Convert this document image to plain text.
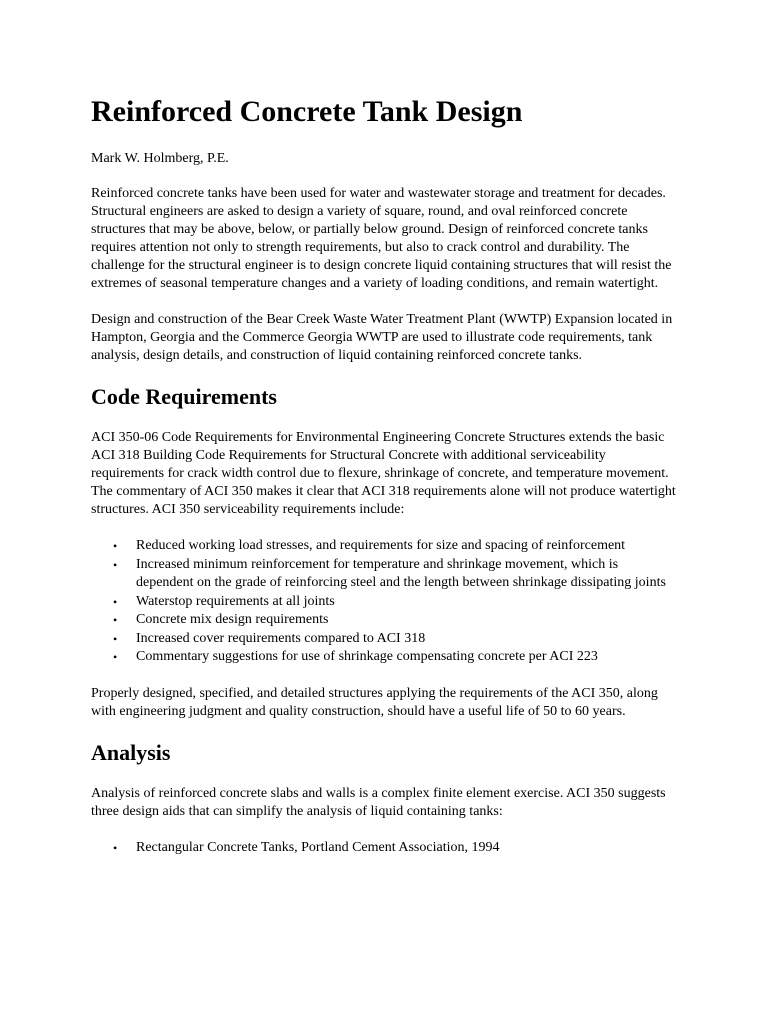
Reinforced Concrete Tank Design

Mark W. Holmberg, P.E.

Reinforced concrete tanks have been used for water and wastewater storage and treatment for decades. Structural engineers are asked to design a variety of square, round, and oval reinforced concrete structures that may be above, below, or partially below ground. Design of reinforced concrete tanks requires attention not only to strength requirements, but also to crack control and durability. The challenge for the structural engineer is to design concrete liquid containing structures that will resist the extremes of seasonal temperature changes and a variety of loading conditions, and remain watertight.

Design and construction of the Bear Creek Waste Water Treatment Plant (WWTP) Expansion located in Hampton, Georgia and the Commerce Georgia WWTP are used to illustrate code requirements, tank analysis, design details, and construction of liquid containing reinforced concrete tanks.

Code Requirements

ACI 350-06 Code Requirements for Environmental Engineering Concrete Structures extends the basic ACI 318 Building Code Requirements for Structural Concrete with additional serviceability requirements for crack width control due to flexure, shrinkage of concrete, and temperature movement. The commentary of ACI 350 makes it clear that ACI 318 requirements alone will not produce watertight structures. ACI 350 serviceability requirements include:

• Reduced working load stresses, and requirements for size and spacing of reinforcement
• Increased minimum reinforcement for temperature and shrinkage movement, which is dependent on the grade of reinforcing steel and the length between shrinkage dissipating joints
• Waterstop requirements at all joints
• Concrete mix design requirements
• Increased cover requirements compared to ACI 318
• Commentary suggestions for use of shrinkage compensating concrete per ACI 223

Properly designed, specified, and detailed structures applying the requirements of the ACI 350, along with engineering judgment and quality construction, should have a useful life of 50 to 60 years.

Analysis

Analysis of reinforced concrete slabs and walls is a complex finite element exercise. ACI 350 suggests three design aids that can simplify the analysis of liquid containing tanks:

• Rectangular Concrete Tanks, Portland Cement Association, 1994
